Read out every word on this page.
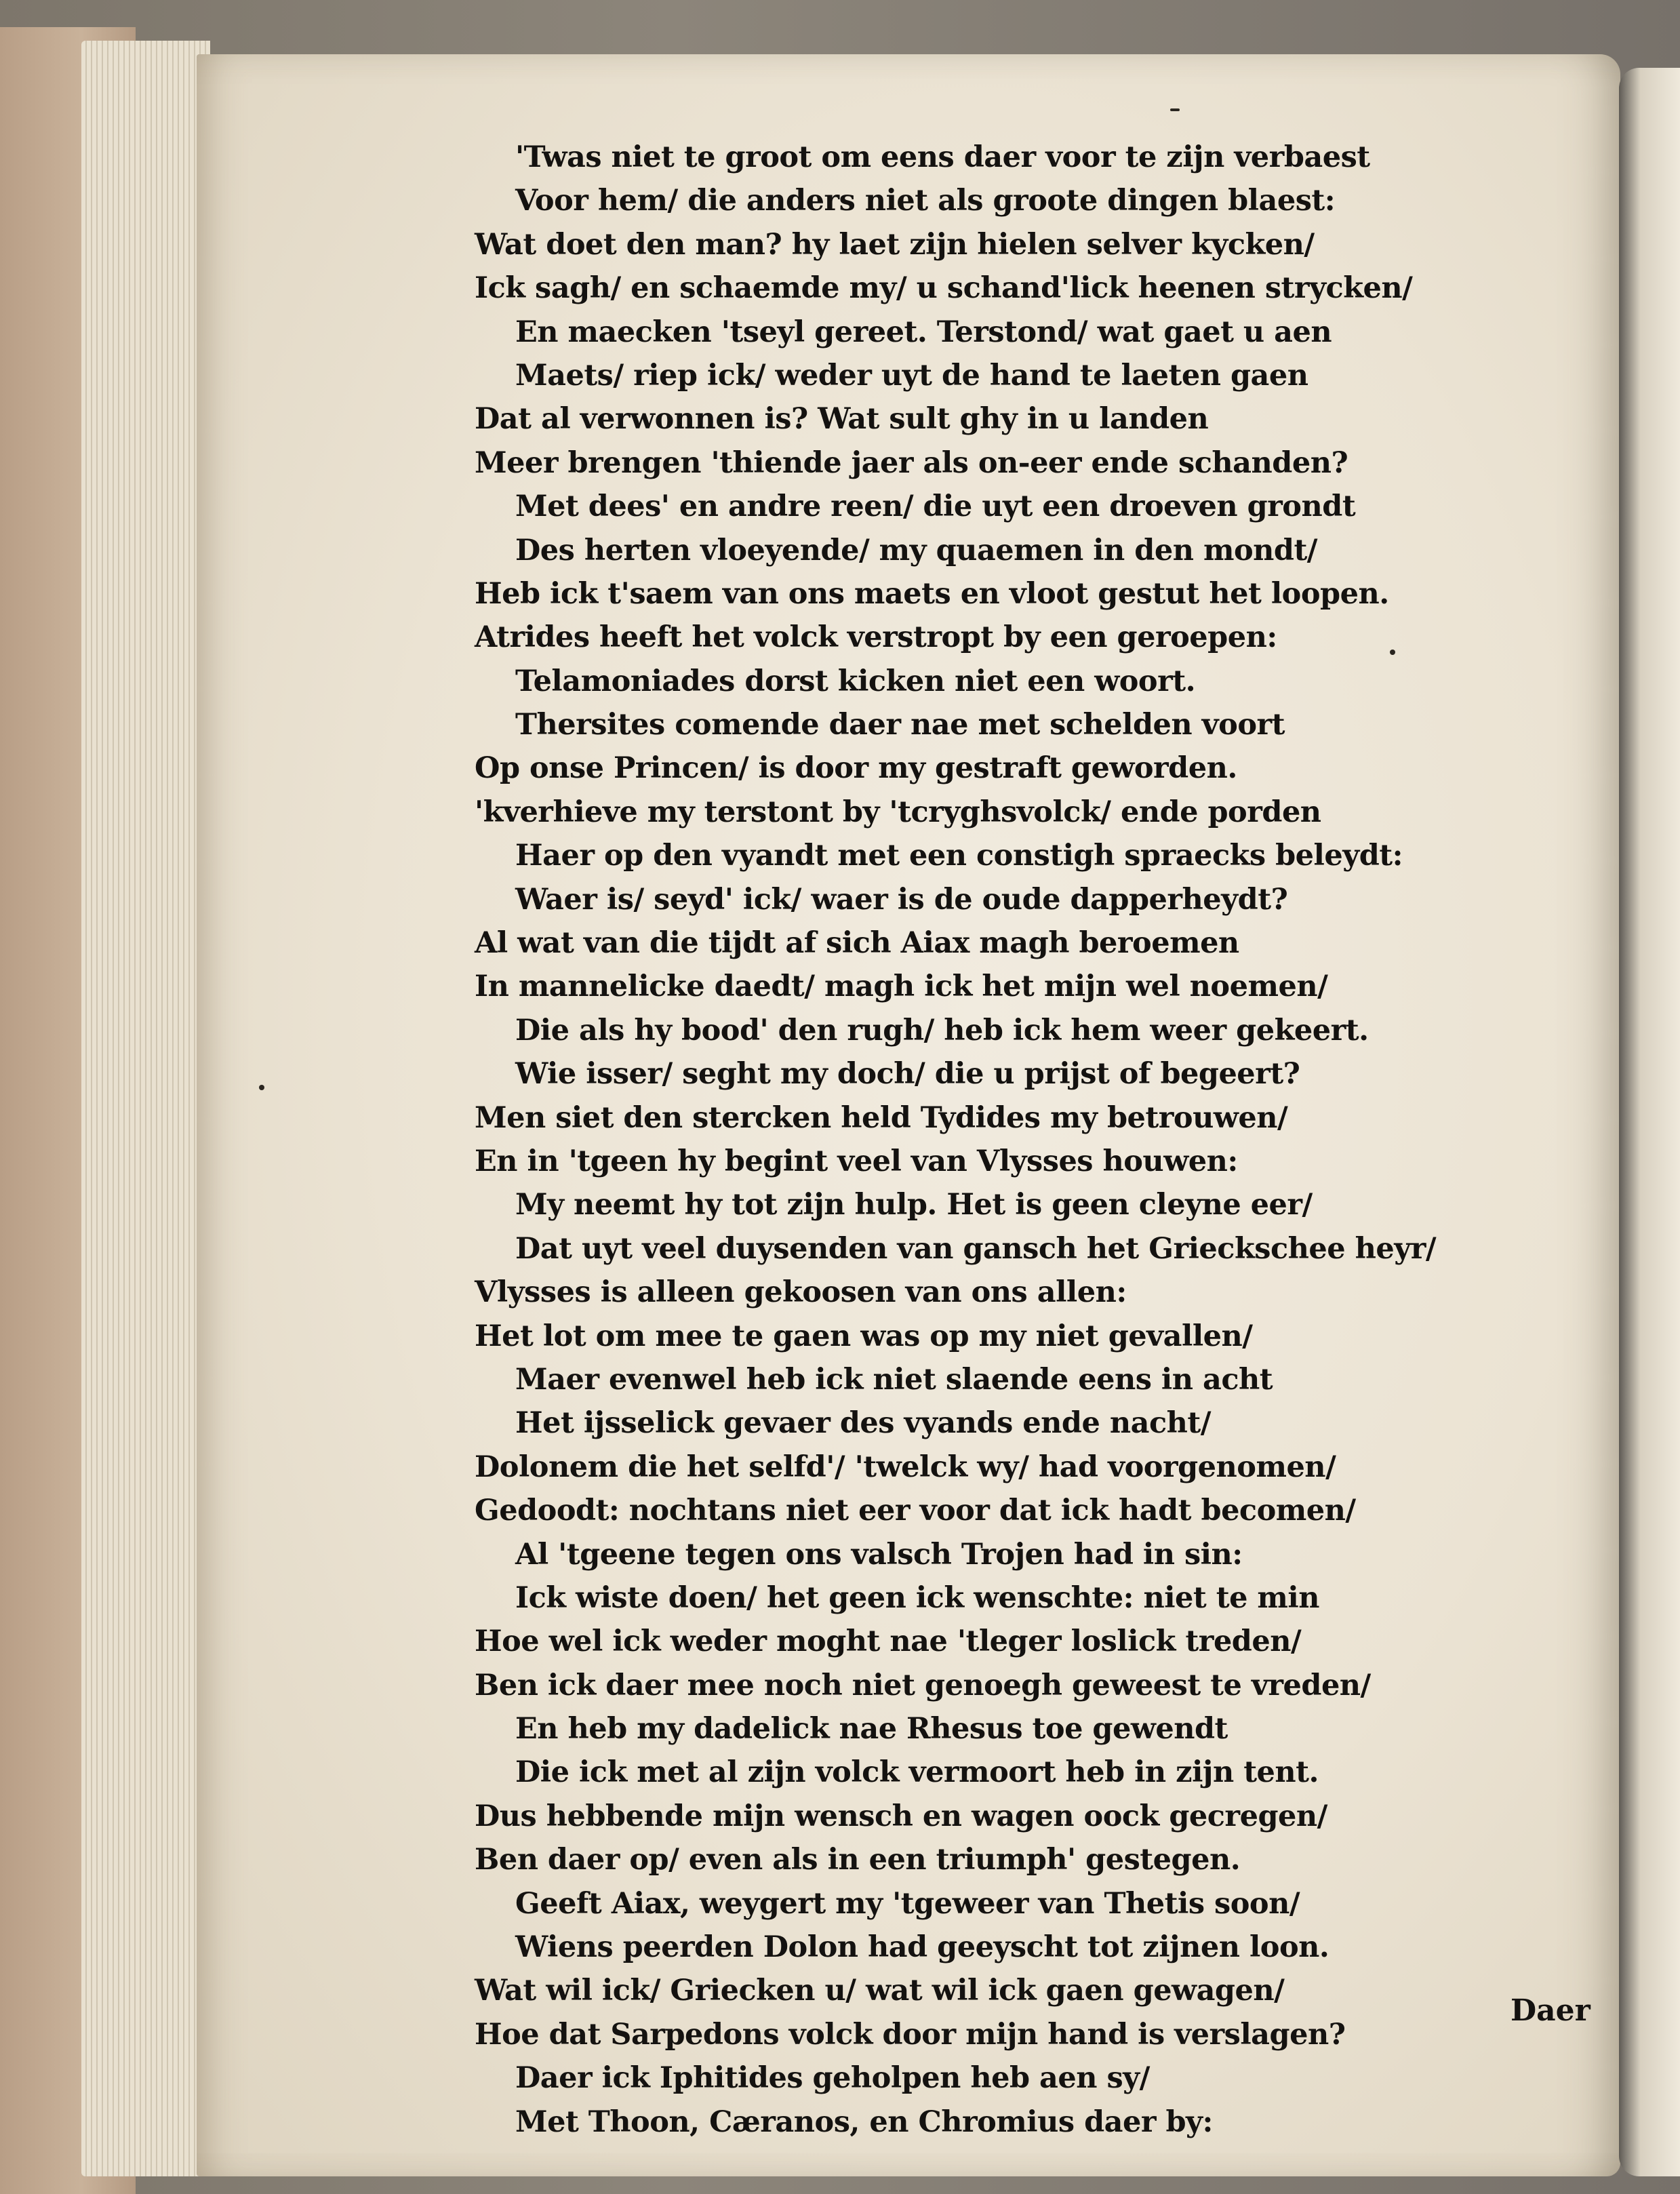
'Twas niet te groot om eens daer voor te zijn verbaest
Voor hem/ die anders niet als groote dingen blaest:
Wat doet den man? hy laet zijn hielen selver kycken/
Ick sagh/ en schaemde my/ u schand'lick heenen strycken/
En maecken 'tseyl gereet. Terstond/ wat gaet u aen
Maets/ riep ick/ weder uyt de hand te laeten gaen
Dat al verwonnen is? Wat sult ghy in u landen
Meer brengen 'thiende jaer als on-eer ende schanden?
Met dees' en andre reen/ die uyt een droeven grondt
Des herten vloeyende/ my quaemen in den mondt/
Heb ick t'saem van ons maets en vloot gestut het loopen.
Atrides heeft het volck verstropt by een geroepen:
Telamoniades dorst kicken niet een woort.
Thersites comende daer nae met schelden voort
Op onse Princen/ is door my gestraft geworden.
'kverhieve my terstont by 'tcryghsvolck/ ende porden
Haer op den vyandt met een constigh spraecks beleydt:
Waer is/ seyd' ick/ waer is de oude dapperheydt?
Al wat van die tijdt af sich Aiax magh beroemen
In mannelicke daedt/ magh ick het mijn wel noemen/
Die als hy bood' den rugh/ heb ick hem weer gekeert.
Wie isser/ seght my doch/ die u prijst of begeert?
Men siet den stercken held Tydides my betrouwen/
En in 'tgeen hy begint veel van Vlysses houwen:
My neemt hy tot zijn hulp. Het is geen cleyne eer/
Dat uyt veel duysenden van gansch het Grieckschee heyr/
Vlysses is alleen gekoosen van ons allen:
Het lot om mee te gaen was op my niet gevallen/
Maer evenwel heb ick niet slaende eens in acht
Het ijsselick gevaer des vyands ende nacht/
Dolonem die het selfd'/ 'twelck wy/ had voorgenomen/
Gedoodt: nochtans niet eer voor dat ick hadt becomen/
Al 'tgeene tegen ons valsch Trojen had in sin:
Ick wiste doen/ het geen ick wenschte: niet te min
Hoe wel ick weder moght nae 'tleger loslick treden/
Ben ick daer mee noch niet genoegh geweest te vreden/
En heb my dadelick nae Rhesus toe gewendt
Die ick met al zijn volck vermoort heb in zijn tent.
Dus hebbende mijn wensch en wagen oock gecregen/
Ben daer op/ even als in een triumph' gestegen.
Geeft Aiax, weygert my 'tgeweer van Thetis soon/
Wiens peerden Dolon had geeyscht tot zijnen loon.
Wat wil ick/ Griecken u/ wat wil ick gaen gewagen/
Hoe dat Sarpedons volck door mijn hand is verslagen?
Daer ick Iphitides geholpen heb aen sy/
Met Thoon, Cæranos, en Chromius daer by:
Daer
